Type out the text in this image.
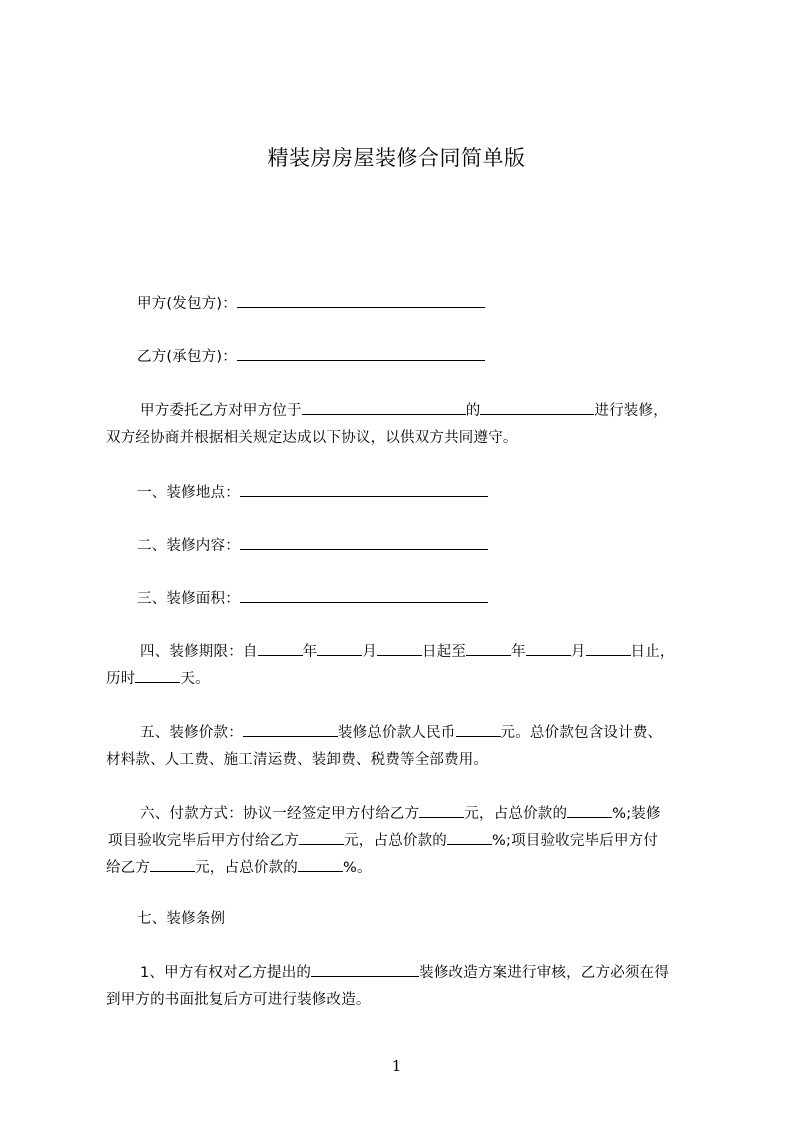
精装房房屋装修合同简单版
甲方(发包方)：
乙方(承包方)：
甲方委托乙方对甲方位于	的	进行装修，
双方经协商并根据相关规定达成以下协议，以供双方共同遵守。
一、装修地点：
二、装修内容：
三、装修面积：
四、装修期限：自	年	月	日起至	年	月	日止，
历时	天。
五、装修价款：	装修总价款人民币	元。总价款包含设计费、
材料款、人工费、施工清运费、装卸费、税费等全部费用。
六、付款方式：协议一经签定甲方付给乙方	元，占总价款的	%;装修
项目验收完毕后甲方付给乙方	元，占总价款的	%;项目验收完毕后甲方付
给乙方	元，占总价款的	%。
七、装修条例
1、甲方有权对乙方提出的	装修改造方案进行审核，乙方必须在得
到甲方的书面批复后方可进行装修改造。
1
